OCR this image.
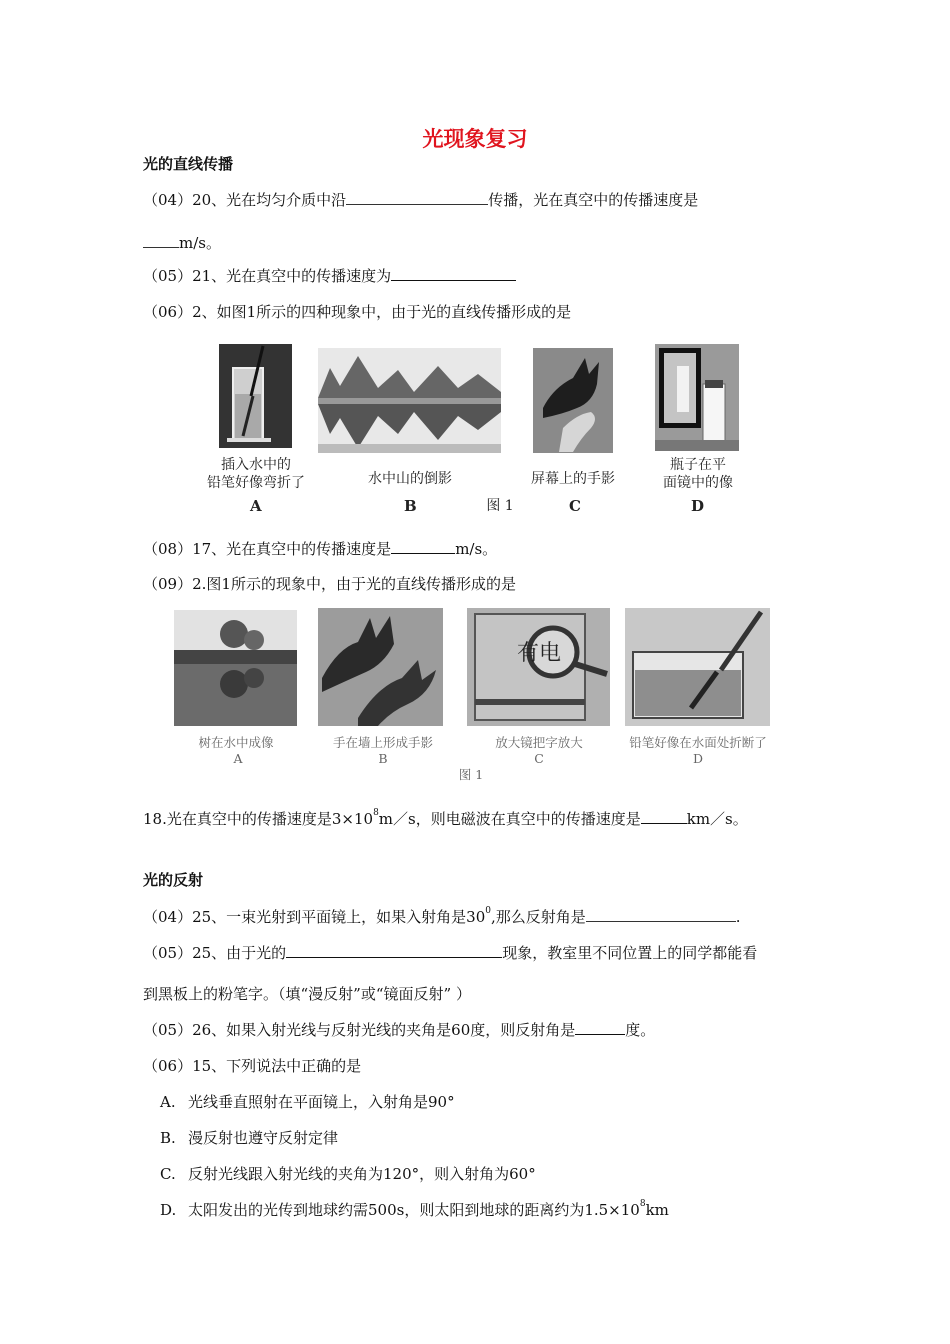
光现象复习
光的直线传播
（04）20、光在均匀介质中沿	传播，光在真空中的传播速度是
m/s。
（05）21、光在真空中的传播速度为
（06）2、如图1所示的四种现象中，由于光的直线传播形成的是
插入水中的
铅笔好像弯折了	水中山的倒影	屏幕上的手影
瓶子在平
面镜中的像
图 1
A	B	C	D
（08）17、光在真空中的传播速度是	m/s。
（09）2.图1所示的现象中，由于光的直线传播形成的是
有电
树在水中成像	手在墙上形成手影	放大镜把字放大	铅笔好像在水面处折断了
A	B	C	D
图 1
18.光在真空中的传播速度是$3\times 10^8m/s$，则电磁波在真空中的传播速度是	km／s。
光的反射
（04）25、一束光射到平面镜上，如果入射角是$30^0$,那么反射角是	.
（05）25、由于光的	现象，教室里不同位置上的同学都能看
到黑板上的粉笔字。（填“漫反射”或“镜面反射” ）
（05）26、如果入射光线与反射光线的夹角是60度，则反射角是	度。
（06）15、下列说法中正确的是
A. 光线垂直照射在平面镜上，入射角是90°
B. 漫反射也遵守反射定律
C. 反射光线跟入射光线的夹角为120°，则入射角为60°
D. 太阳发出的光传到地球约需500s，则太阳到地球的距离约为$1.5\times 10^8km$
